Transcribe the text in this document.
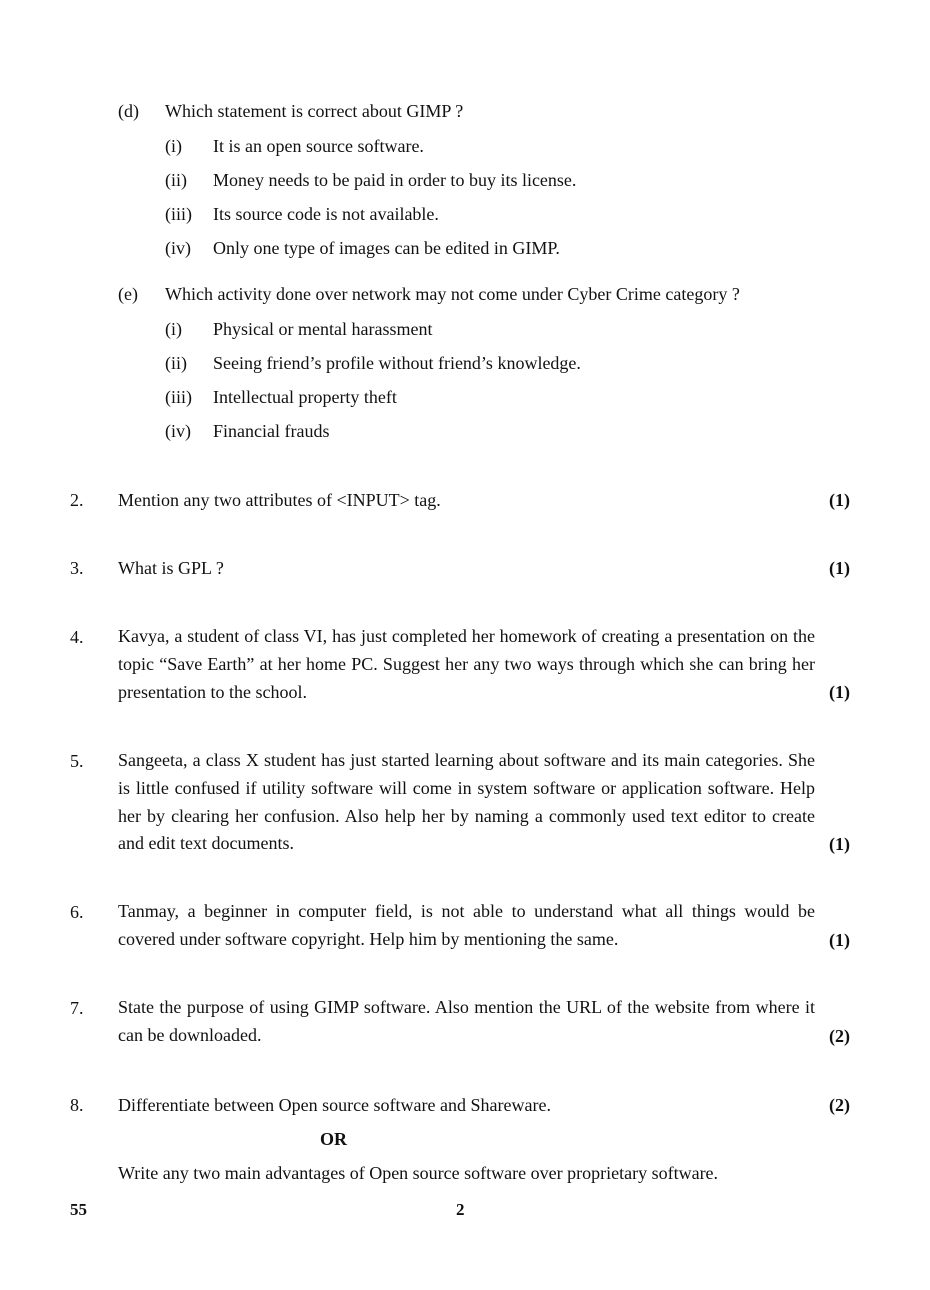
(d) Which statement is correct about GIMP ?
(i) It is an open source software.
(ii) Money needs to be paid in order to buy its license.
(iii) Its source code is not available.
(iv) Only one type of images can be edited in GIMP.
(e) Which activity done over network may not come under Cyber Crime category ?
(i) Physical or mental harassment
(ii) Seeing friend’s profile without friend’s knowledge.
(iii) Intellectual property theft
(iv) Financial frauds
2. Mention any two attributes of <INPUT> tag.	(1)
3. What is GPL ?	(1)
4. Kavya, a student of class VI, has just completed her homework of creating a presentation on the topic “Save Earth” at her home PC. Suggest her any two ways through which she can bring her presentation to the school.	(1)
5. Sangeeta, a class X student has just started learning about software and its main categories. She is little confused if utility software will come in system software or application software. Help her by clearing her confusion. Also help her by naming a commonly used text editor to create and edit text documents.	(1)
6. Tanmay, a beginner in computer field, is not able to understand what all things would be covered under software copyright. Help him by mentioning the same.	(1)
7. State the purpose of using GIMP software. Also mention the URL of the website from where it can be downloaded.	(2)
8. Differentiate between Open source software and Shareware.	(2)
OR
Write any two main advantages of Open source software over proprietary software.
55	2
